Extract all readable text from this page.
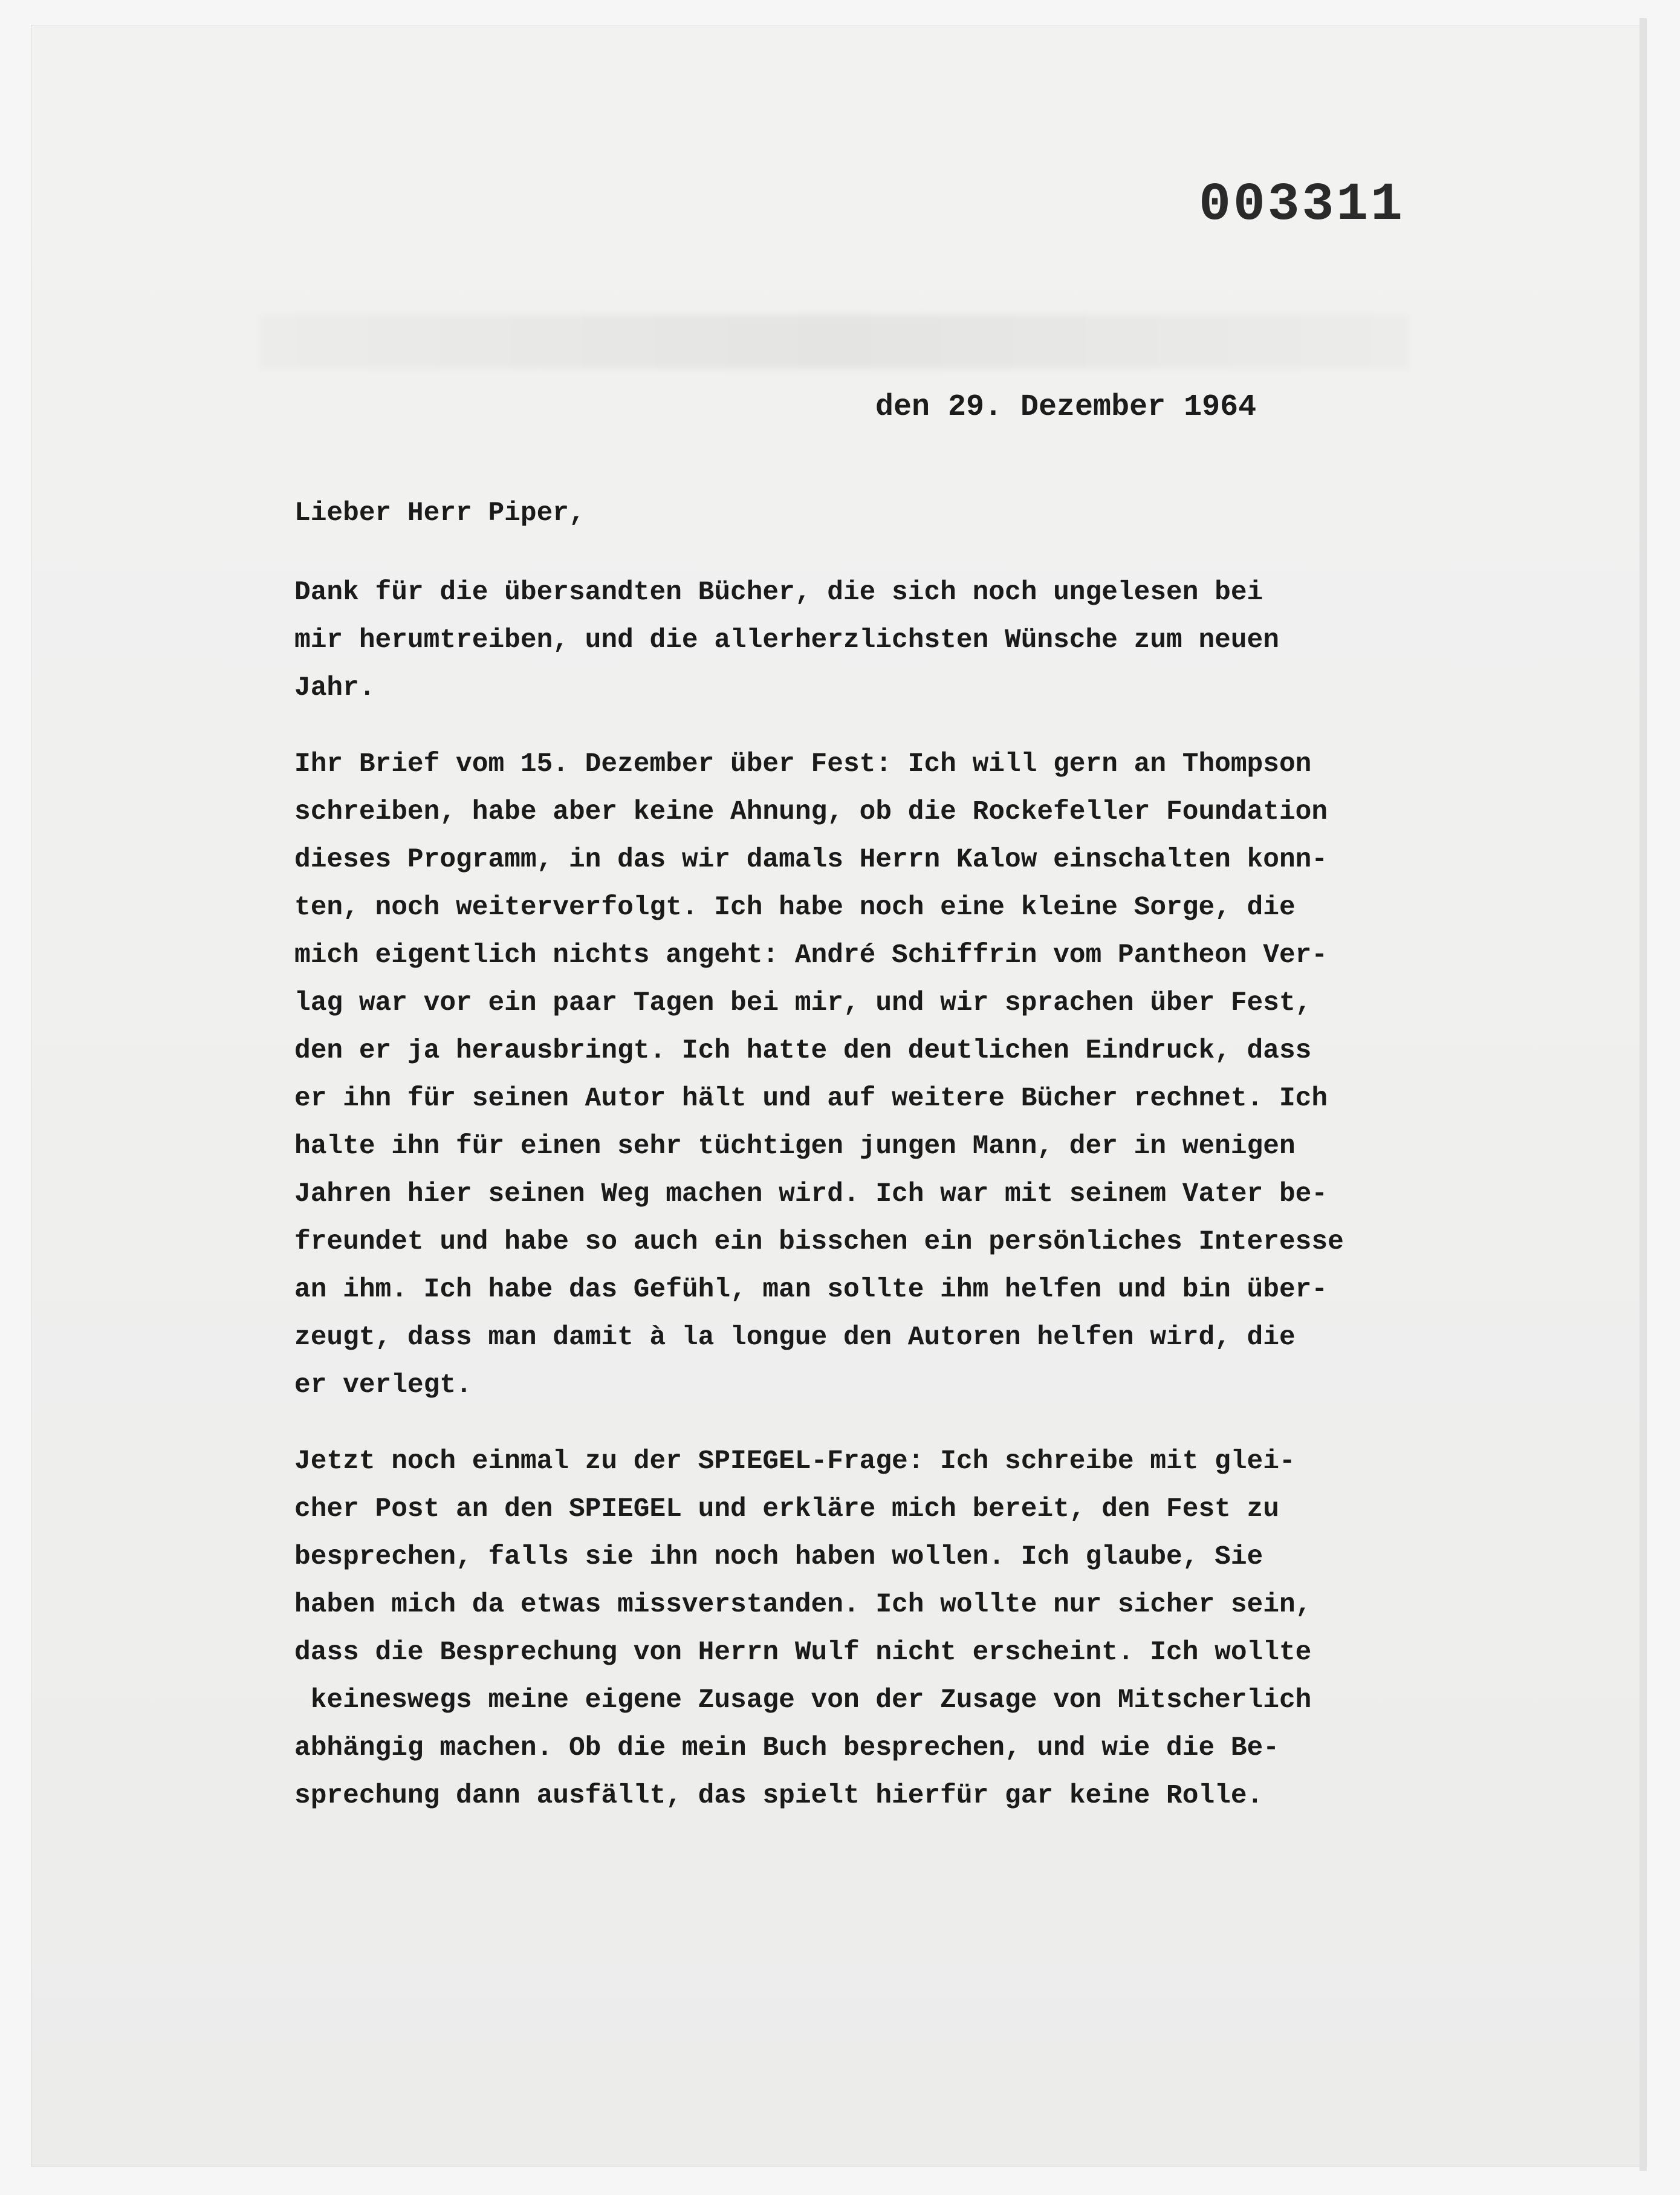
003311
den 29. Dezember 1964
Lieber Herr Piper,
Dank für die übersandten Bücher, die sich noch ungelesen bei
mir herumtreiben, und die allerherzlichsten Wünsche zum neuen
Jahr.
Ihr Brief vom 15. Dezember über Fest: Ich will gern an Thompson
schreiben, habe aber keine Ahnung, ob die Rockefeller Foundation
dieses Programm, in das wir damals Herrn Kalow einschalten konn-
ten, noch weiterverfolgt. Ich habe noch eine kleine Sorge, die
mich eigentlich nichts angeht: André Schiffrin vom Pantheon Ver-
lag war vor ein paar Tagen bei mir, und wir sprachen über Fest,
den er ja herausbringt. Ich hatte den deutlichen Eindruck, dass
er ihn für seinen Autor hält und auf weitere Bücher rechnet. Ich
halte ihn für einen sehr tüchtigen jungen Mann, der in wenigen
Jahren hier seinen Weg machen wird. Ich war mit seinem Vater be-
freundet und habe so auch ein bisschen ein persönliches Interesse
an ihm. Ich habe das Gefühl, man sollte ihm helfen und bin über-
zeugt, dass man damit à la longue den Autoren helfen wird, die
er verlegt.
Jetzt noch einmal zu der SPIEGEL-Frage: Ich schreibe mit glei-
cher Post an den SPIEGEL und erkläre mich bereit, den Fest zu
besprechen, falls sie ihn noch haben wollen. Ich glaube, Sie
haben mich da etwas missverstanden. Ich wollte nur sicher sein,
dass die Besprechung von Herrn Wulf nicht erscheint. Ich wollte
keineswegs meine eigene Zusage von der Zusage von Mitscherlich
abhängig machen. Ob die mein Buch besprechen, und wie die Be-
sprechung dann ausfällt, das spielt hierfür gar keine Rolle.
